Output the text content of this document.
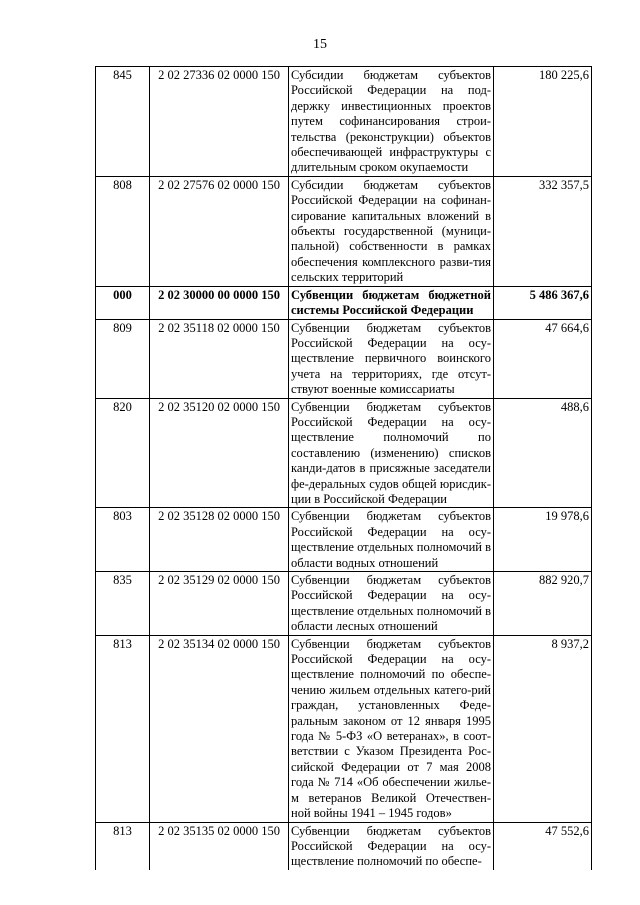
15
845	2 02 27336 02 0000 150	Субсидии бюджетам субъектов Российской Федерации на под-держку инвестиционных проектов путем софинансирования строи-тельства (реконструкции) объектов обеспечивающей инфраструктуры с длительным сроком окупаемости	180 225,6
808	2 02 27576 02 0000 150	Субсидии бюджетам субъектов Российской Федерации на софинан-сирование капитальных вложений в объекты государственной (муници-пальной) собственности в рамках обеспечения комплексного разви-тия сельских территорий	332 357,5
000	2 02 30000 00 0000 150	Субвенции бюджетам бюджетной системы Российской Федерации	5 486 367,6
809	2 02 35118 02 0000 150	Субвенции бюджетам субъектов Российской Федерации на осу-ществление первичного воинского учета на территориях, где отсут-ствуют военные комиссариаты	47 664,6
820	2 02 35120 02 0000 150	Субвенции бюджетам субъектов Российской Федерации на осу-ществление полномочий по составлению (изменению) списков канди-датов в присяжные заседатели фе-деральных судов общей юрисдик-ции в Российской Федерации	488,6
803	2 02 35128 02 0000 150	Субвенции бюджетам субъектов Российской Федерации на осу-ществление отдельных полномочий в области водных отношений	19 978,6
835	2 02 35129 02 0000 150	Субвенции бюджетам субъектов Российской Федерации на осу-ществление отдельных полномочий в области лесных отношений	882 920,7
813	2 02 35134 02 0000 150	Субвенции бюджетам субъектов Российской Федерации на осу-ществление полномочий по обеспе-чению жильем отдельных катего-рий граждан, установленных Феде-ральным законом от 12 января 1995 года № 5-ФЗ «О ветеранах», в соот-ветствии с Указом Президента Рос-сийской Федерации от 7 мая 2008 года № 714 «Об обеспечении жилье-м ветеранов Великой Отечествен-ной войны 1941 – 1945 годов»	8 937,2
813	2 02 35135 02 0000 150	Субвенции бюджетам субъектов Российской Федерации на осу-ществление полномочий по обеспе-	47 552,6
